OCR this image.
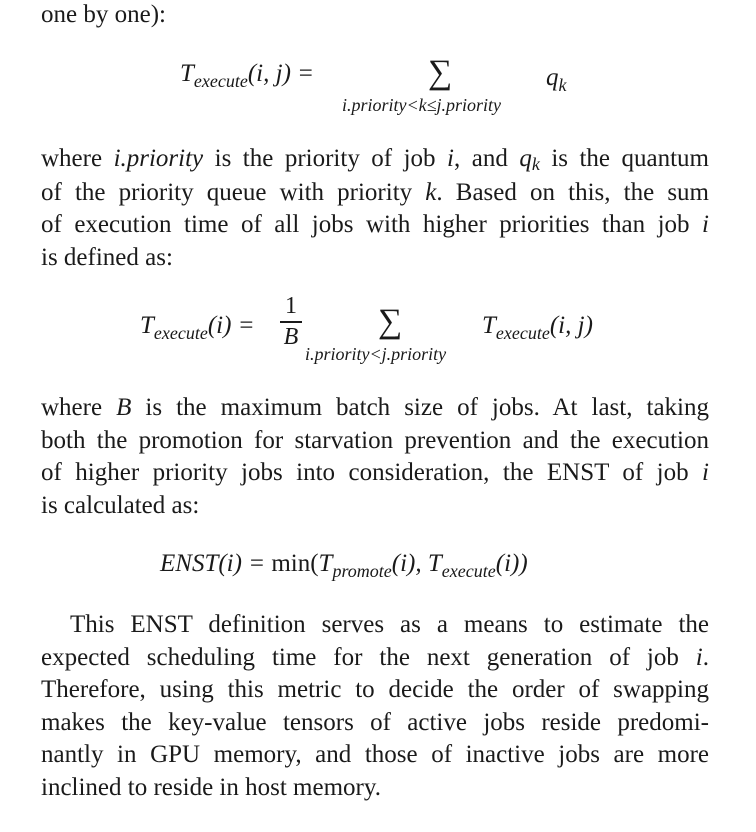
one by one):
$T_{execute}(i$, j) =	∑
i.priority<k≤j.priority
$q_k$
where i.priority is the priority of job i, and qk is the quantum
of the priority queue with priority k. Based on this, the sum
of execution time of all jobs with higher priorities than job i
is defined as:
$T_{execute}(i)$ =
1
B ∑
i.priority<j.priority
$T_{execute}(i$, j)
where B is the maximum batch size of jobs. At last, taking
both the promotion for starvation prevention and the execution
of higher priority jobs into consideration, the ENST of job i
is calculated as:
ENST(i) = $\min(T_{promote}(i)$, $T_{execute}(i)$)
This ENST definition serves as a means to estimate the
expected scheduling time for the next generation of job i.
Therefore, using this metric to decide the order of swapping
makes the key-value tensors of active jobs reside predomi-
nantly in GPU memory, and those of inactive jobs are more
inclined to reside in host memory.
